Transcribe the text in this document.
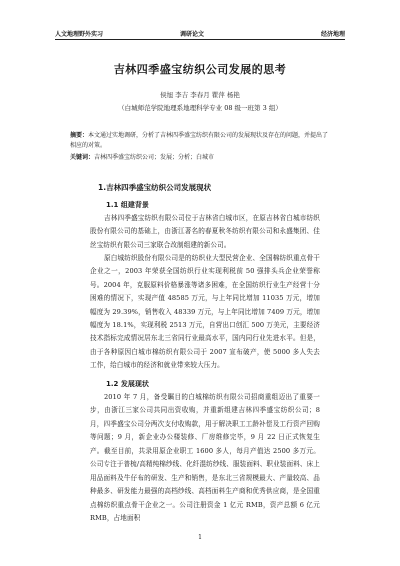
人文地理野外实习	调研论文	经济地理
吉林四季盛宝纺织公司发展的思考
侯旭 李吉 李春月 瞿萍 杨艳
（白城师范学院地理系地理科学专业 08 级一班第 3 组）
摘要：本文通过实地调研，分析了吉林四季盛宝纺织有限公司的发展现状及存在的问题，并提出了相应的对策。
关键词：吉林四季盛宝纺织公司；发展；分析；白城市
1.吉林四季盛宝纺织公司发展现状
1.1 组建背景
吉林四季盛宝纺织有限公司位于吉林省白城市区，在原吉林省白城市纺织股份有限公司的基础上，由浙江著名的春夏秋冬纺织有限公司和永盛集团、佳丝宝纺织有限公司三家联合改制组建的新公司。
原白城纺织股份有限公司是的纺织业大型民营企业、全国棉纺织重点骨干企业之一，2003 年荣获全国纺织行业实现利税前 50 强排头兵企业荣誉称号。2004 年，克服原料价格暴涨等诸多困难，在全国纺织行业生产经营十分困难的情况下，实现产值 48585 万元，与上年同比增加 11035 万元，增加幅度为 29.39%，销售收入 48339 万元，与上年同比增加 7409 万元，增加幅度为 18.1%，实现利税 2513 万元，自营出口创汇 500 万美元，主要经济技术指标完成情况居东北三省同行业最高水平，国内同行业先进水平。但是，由于各种原因白城市棉纺织有限公司于 2007 宣布破产，使 5000 多人失去工作，给白城市的经济和就业带来较大压力。
1.2 发展现状
2010 年 7 月，备受瞩目的白城棉纺织有限公司招商重组迈出了重要一步，由浙江三家公司共同出资收购，并重新组建吉林四季盛宝纺织公司；8 月，四季盛宝公司分两次支付收购款，用于解决职工工龄补偿及工行资产回购等问题；9 月，新企业办公楼装修、厂房维修完毕，9 月 22 日正式恢复生产。 截至目前，共录用原企业职工 1600 多人，每月产值达 2500 多万元。公司专注于普梳/高精纯棉纱线、化纤混纺纱线、服装面料、职业装面料、床上用品面料及牛仔布的研发、生产和销售，是东北三省规模最大、产量较高、品种最多、研发能力最强的高档纱线、高档面料生产商和优秀供应商，是全国重点棉纺织重点骨干企业之一。公司注册资金 1 亿元 RMB，资产总额 6 亿元 RMB，占地面积
1
